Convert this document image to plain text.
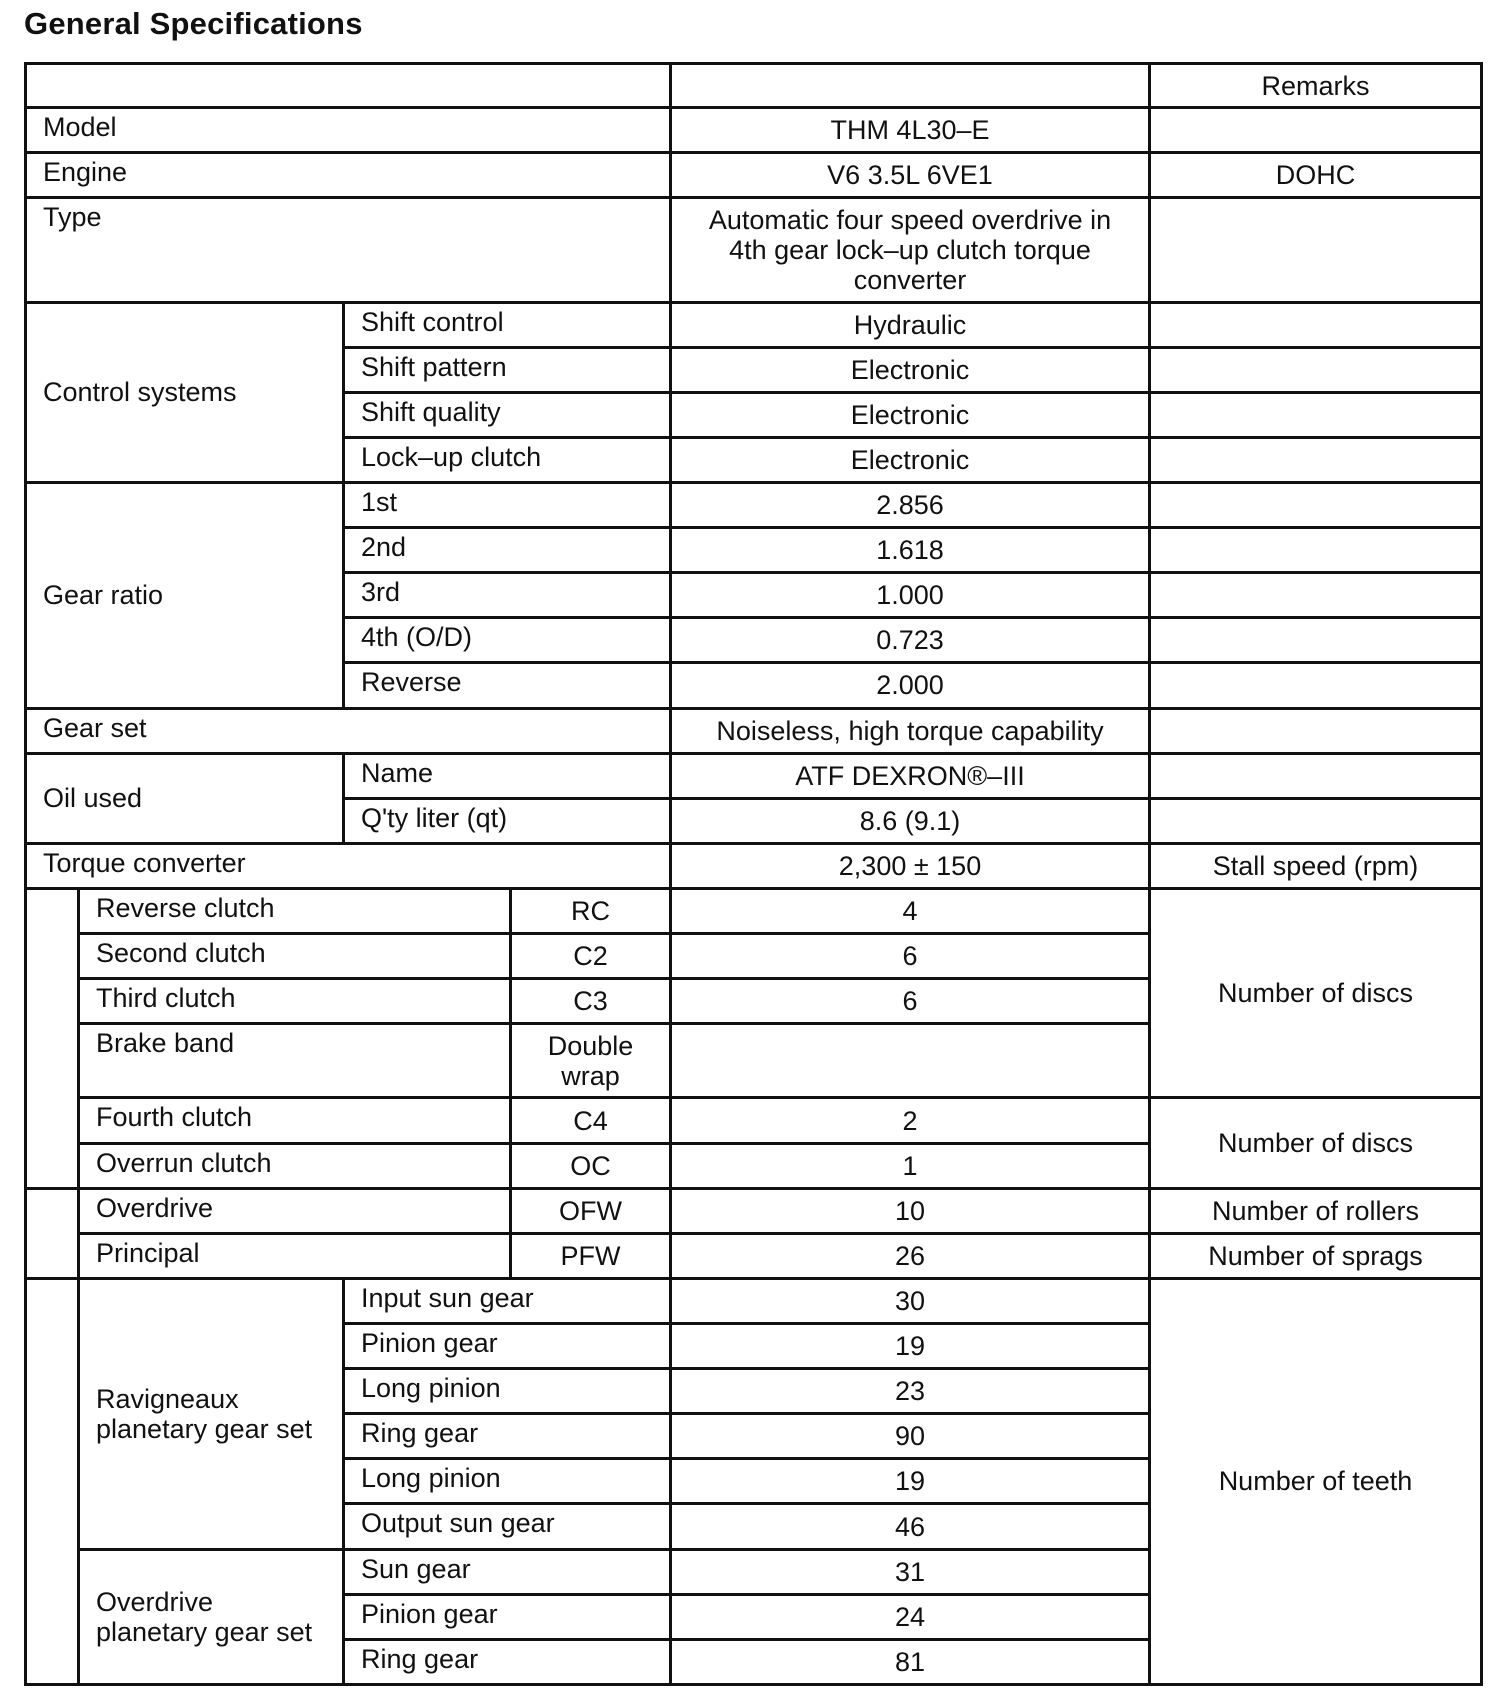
General Specifications
					Remarks
Model				THM 4L30–E	
Engine				V6 3.5L 6VE1	DOHC
Type				Automatic four speed overdrive in 4th gear lock–up clutch torque converter	
Control systems		Shift control		Hydraulic	
		Shift pattern		Electronic	
		Shift quality		Electronic	
		Lock–up clutch		Electronic	
Gear ratio		1st		2.856	
		2nd		1.618	
		3rd		1.000	
		4th (O/D)		0.723	
		Reverse		2.000	
Gear set				Noiseless, high torque capability	
Oil used		Name		ATF DEXRON®–III	
		Q'ty liter (qt)		8.6 (9.1)	
Torque converter				2,300 ± 150	Stall speed (rpm)
	Reverse clutch		RC	4	Number of discs
	Second clutch		C2	6	
	Third clutch		C3	6	
	Brake band		Double wrap		
	Fourth clutch		C4	2	Number of discs
	Overrun clutch		OC	1	
	Overdrive		OFW	10	Number of rollers
	Principal		PFW	26	Number of sprags
	Ravigneaux planetary gear set	Input sun gear		30	Number of teeth
		Pinion gear		19	
		Long pinion		23	
		Ring gear		90	
		Long pinion		19	
		Output sun gear		46	
	Overdrive planetary gear set	Sun gear		31	
		Pinion gear		24	
		Ring gear		81	
